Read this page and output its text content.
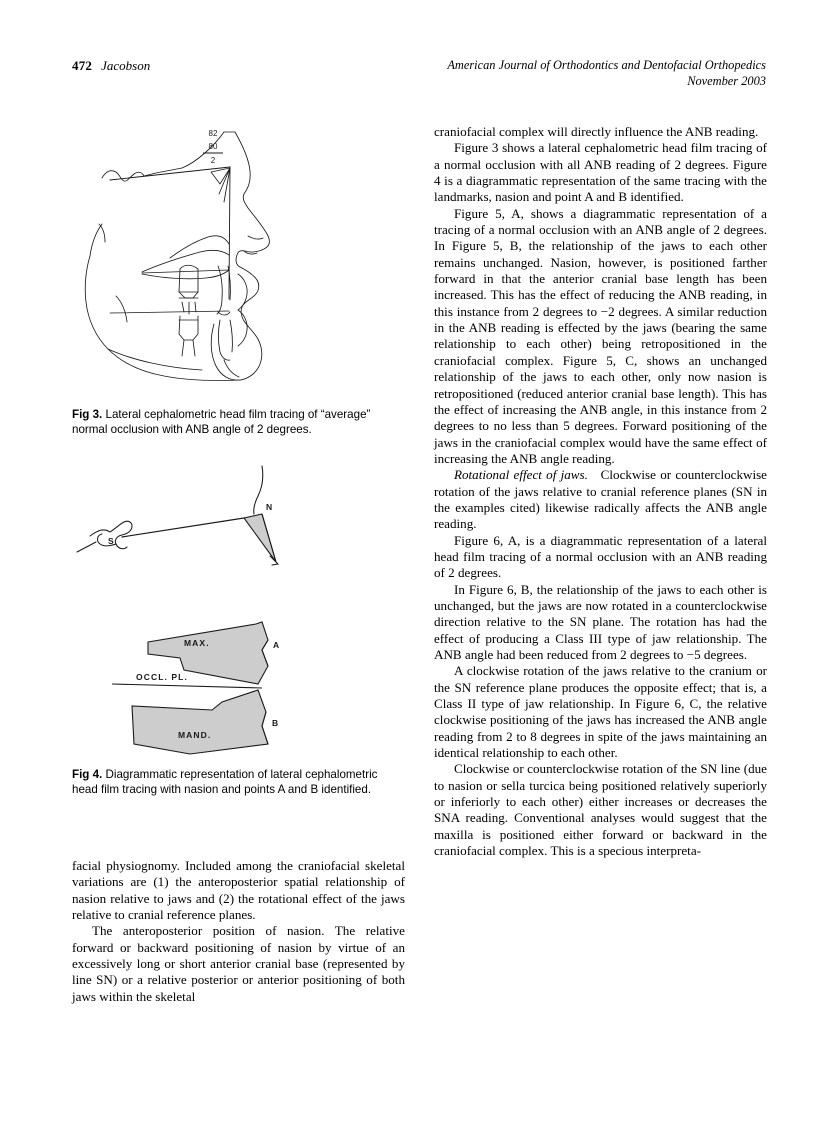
472 Jacobson	American Journal of Orthodontics and Dentofacial Orthopedics
November 2003
82
80
2
Fig 3. Lateral cephalometric head film tracing of “average” normal occlusion with ANB angle of 2 degrees.
N
S
A
MAX.
OCCL. PL.
B
MAND.
Fig 4. Diagrammatic representation of lateral cephalometric head film tracing with nasion and points A and B identified.

facial physiognomy. Included among the craniofacial skeletal variations are (1) the anteroposterior spatial relationship of nasion relative to jaws and (2) the rotational effect of the jaws relative to cranial reference planes.

The anteroposterior position of nasion. The relative forward or backward positioning of nasion by virtue of an excessively long or short anterior cranial base (represented by line SN) or a relative posterior or anterior positioning of both jaws within the skeletal

craniofacial complex will directly influence the ANB reading.

Figure 3 shows a lateral cephalometric head film tracing of a normal occlusion with all ANB reading of 2 degrees. Figure 4 is a diagrammatic representation of the same tracing with the landmarks, nasion and point A and B identified.

Figure 5, A, shows a diagrammatic representation of a tracing of a normal occlusion with an ANB angle of 2 degrees. In Figure 5, B, the relationship of the jaws to each other remains unchanged. Nasion, however, is positioned farther forward in that the anterior cranial base length has been increased. This has the effect of reducing the ANB reading, in this instance from 2 degrees to −2 degrees. A similar reduction in the ANB reading is effected by the jaws (bearing the same relationship to each other) being retropositioned in the craniofacial complex. Figure 5, C, shows an unchanged relationship of the jaws to each other, only now nasion is retropositioned (reduced anterior cranial base length). This has the effect of increasing the ANB angle, in this instance from 2 degrees to no less than 5 degrees. Forward positioning of the jaws in the craniofacial complex would have the same effect of increasing the ANB angle reading.

Rotational effect of jaws. Clockwise or counterclockwise rotation of the jaws relative to cranial reference planes (SN in the examples cited) likewise radically affects the ANB angle reading.

Figure 6, A, is a diagrammatic representation of a lateral head film tracing of a normal occlusion with an ANB reading of 2 degrees.

In Figure 6, B, the relationship of the jaws to each other is unchanged, but the jaws are now rotated in a counterclockwise direction relative to the SN plane. The rotation has had the effect of producing a Class III type of jaw relationship. The ANB angle had been reduced from 2 degrees to −5 degrees.

A clockwise rotation of the jaws relative to the cranium or the SN reference plane produces the opposite effect; that is, a Class II type of jaw relationship. In Figure 6, C, the relative clockwise positioning of the jaws has increased the ANB angle reading from 2 to 8 degrees in spite of the jaws maintaining an identical relationship to each other.

Clockwise or counterclockwise rotation of the SN line (due to nasion or sella turcica being positioned relatively superiorly or inferiorly to each other) either increases or decreases the SNA reading. Conventional analyses would suggest that the maxilla is positioned either forward or backward in the craniofacial complex. This is a specious interpreta-
